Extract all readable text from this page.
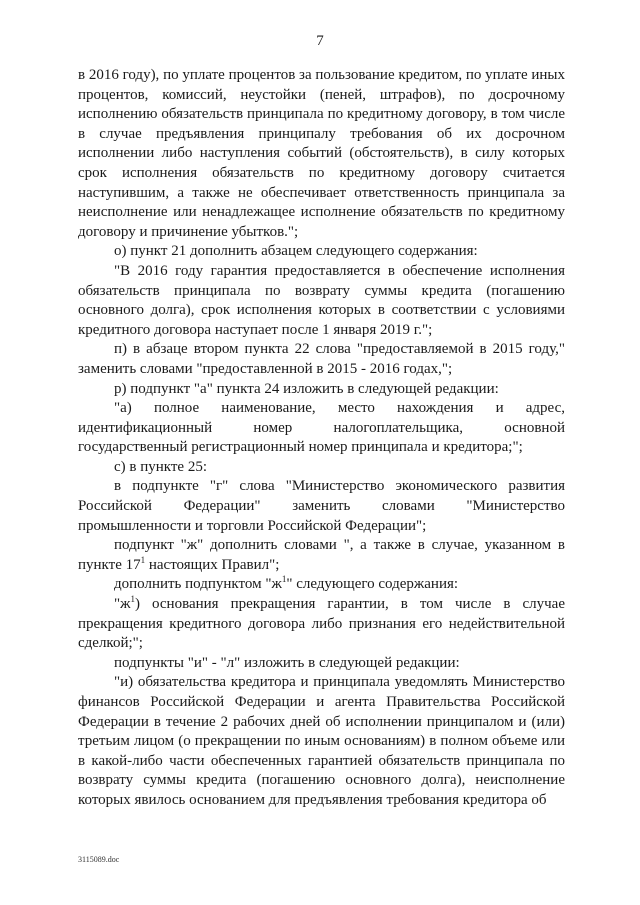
7

в 2016 году), по уплате процентов за пользование кредитом, по уплате иных процентов, комиссий, неустойки (пеней, штрафов), по досрочному исполнению обязательств принципала по кредитному договору, в том числе в случае предъявления принципалу требования об их досрочном исполнении либо наступления событий (обстоятельств), в силу которых срок исполнения обязательств по кредитному договору считается наступившим, а также не обеспечивает ответственность принципала за неисполнение или ненадлежащее исполнение обязательств по кредитному договору и причинение убытков.";

о) пункт 21 дополнить абзацем следующего содержания:

"В 2016 году гарантия предоставляется в обеспечение исполнения обязательств принципала по возврату суммы кредита (погашению основного долга), срок исполнения которых в соответствии с условиями кредитного договора наступает после 1 января 2019 г.";

п) в абзаце втором пункта 22 слова "предоставляемой в 2015 году," заменить словами "предоставленной в 2015 - 2016 годах,";

р) подпункт "а" пункта 24 изложить в следующей редакции:

"а) полное наименование, место нахождения и адрес, идентификационный номер налогоплательщика, основной государственный регистрационный номер принципала и кредитора;";

с) в пункте 25:

в подпункте "г" слова "Министерство экономического развития Российской Федерации" заменить словами "Министерство промышленности и торговли Российской Федерации";

подпункт "ж" дополнить словами ", а также в случае, указанном в пункте $17^1$ настоящих Правил";

дополнить подпунктом "$ж^1$" следующего содержания:

"$ж^1$) основания прекращения гарантии, в том числе в случае прекращения кредитного договора либо признания его недействительной сделкой;";

подпункты "и" - "л" изложить в следующей редакции:

"и) обязательства кредитора и принципала уведомлять Министерство финансов Российской Федерации и агента Правительства Российской Федерации в течение 2 рабочих дней об исполнении принципалом и (или) третьим лицом (о прекращении по иным основаниям) в полном объеме или в какой-либо части обеспеченных гарантией обязательств принципала по возврату суммы кредита (погашению основного долга), неисполнение которых явилось основанием для предъявления требования кредитора об

3115089.doc
